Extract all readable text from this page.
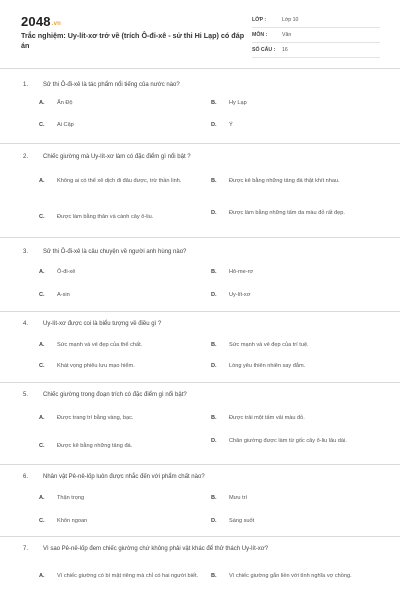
2048.vn
Trắc nghiệm: Uy-lít-xơ trở về (trích Ô-đi-xê - sử thi Hi Lạp) có đáp án
LỚP :	Lớp 10
MÔN :	Văn
SỐ CÂU :	16
1.	Sử thi Ô-đi-xê là tác phẩm nổi tiếng của nước nào?
A.	Ấn Độ	B.	Hy Lạp
C.	Ai Cập	D.	Ý
2.	Chiếc giường mà Uy-lít-xơ làm có đặc điểm gì nổi bật ?
A.	Không ai có thể xê dịch đi đâu được, trừ thần linh.	B.	Được kê bằng những tảng đá thật khít nhau.
C.	Được làm bằng thân và cành cây ô-liu.
D.	Được làm bằng những tấm da màu đỏ rất đẹp.
3.	Sử thi Ô-đi-xê là câu chuyện về người anh hùng nào?
A.	Ô-đi-xê	B.	Hô-me-rơ
C.	A-sin	D.	Uy-lít-xơ
4.	Uy-lít-xơ được coi là biểu tượng về điều gì ?
A.	Sức mạnh và vẻ đẹp của thể chất.	B.	Sức mạnh và vẻ đẹp của trí tuệ.
C.	Khát vọng phiêu lưu mạo hiểm.	D.	Lòng yêu thiên nhiên say đắm.
5.	Chiếc giường trong đoạn trích có đặc điểm gì nổi bật?
A.	Được trang trí bằng vàng, bạc.	B.	Được trải một tấm vải màu đỏ.
C.	Được kê bằng những tảng đá.
D.	Chân giường được làm từ gốc cây ô-liu lâu dài.
6.	Nhân vật Pê-nê-lốp luôn được nhắc đến với phẩm chất nào?
A.	Thận trọng	B.	Mưu trí
C.	Khôn ngoan	D.	Sáng suốt
7.	Vì sao Pê-nê-lốp đem chiếc giường chứ không phải vật khác để thử thách Uy-lít-xơ?
A.	Vì chiếc giường có bí mật riêng mà chỉ có hai người biết.	B.	Vì chiếc giường gắn liền với tình nghĩa vợ chồng.
